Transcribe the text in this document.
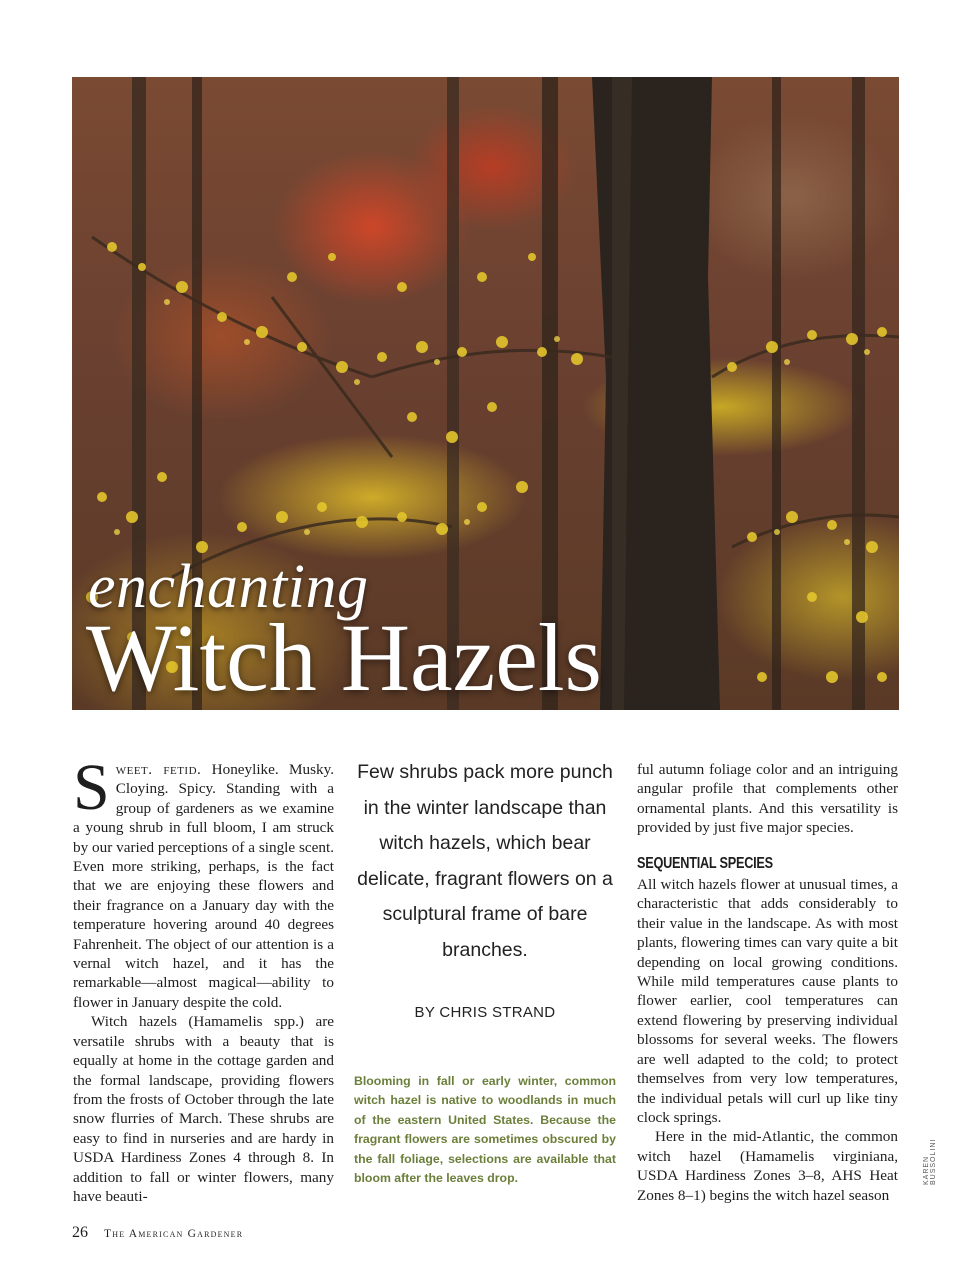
enchanting
Witch Hazels

Sweet. fetid. Honeylike. Musky. Cloying. Spicy. Standing with a group of gardeners as we examine a young shrub in full bloom, I am struck by our varied perceptions of a single scent. Even more striking, perhaps, is the fact that we are enjoying these flowers and their fragrance on a January day with the temperature hovering around 40 degrees Fahrenheit. The object of our attention is a vernal witch hazel, and it has the remarkable—almost magical—ability to flower in January despite the cold.

Witch hazels (Hamamelis spp.) are versatile shrubs with a beauty that is equally at home in the cottage garden and the formal landscape, providing flowers from the frosts of October through the late snow flurries of March. These shrubs are easy to find in nurseries and are hardy in USDA Hardiness Zones 4 through 8. In addition to fall or winter flowers, many have beauti-

Few shrubs pack more punch in the winter landscape than witch hazels, which bear delicate, fragrant flowers on a sculptural frame of bare branches.
BY CHRIS STRAND
Blooming in fall or early winter, common witch hazel is native to woodlands in much of the eastern United States. Because the fragrant flowers are sometimes obscured by the fall foliage, selections are available that bloom after the leaves drop.

ful autumn foliage color and an intriguing angular profile that complements other ornamental plants. And this versatility is provided by just five major species.

SEQUENTIAL SPECIES

All witch hazels flower at unusual times, a characteristic that adds considerably to their value in the landscape. As with most plants, flowering times can vary quite a bit depending on local growing conditions. While mild temperatures cause plants to flower earlier, cool temperatures can extend flowering by preserving individual blossoms for several weeks. The flowers are well adapted to the cold; to protect themselves from very low temperatures, the individual petals will curl up like tiny clock springs.

Here in the mid-Atlantic, the common witch hazel (Hamamelis virginiana, USDA Hardiness Zones 3–8, AHS Heat Zones 8–1) begins the witch hazel season

KAREN BUSSOLINI
26 The American Gardener
